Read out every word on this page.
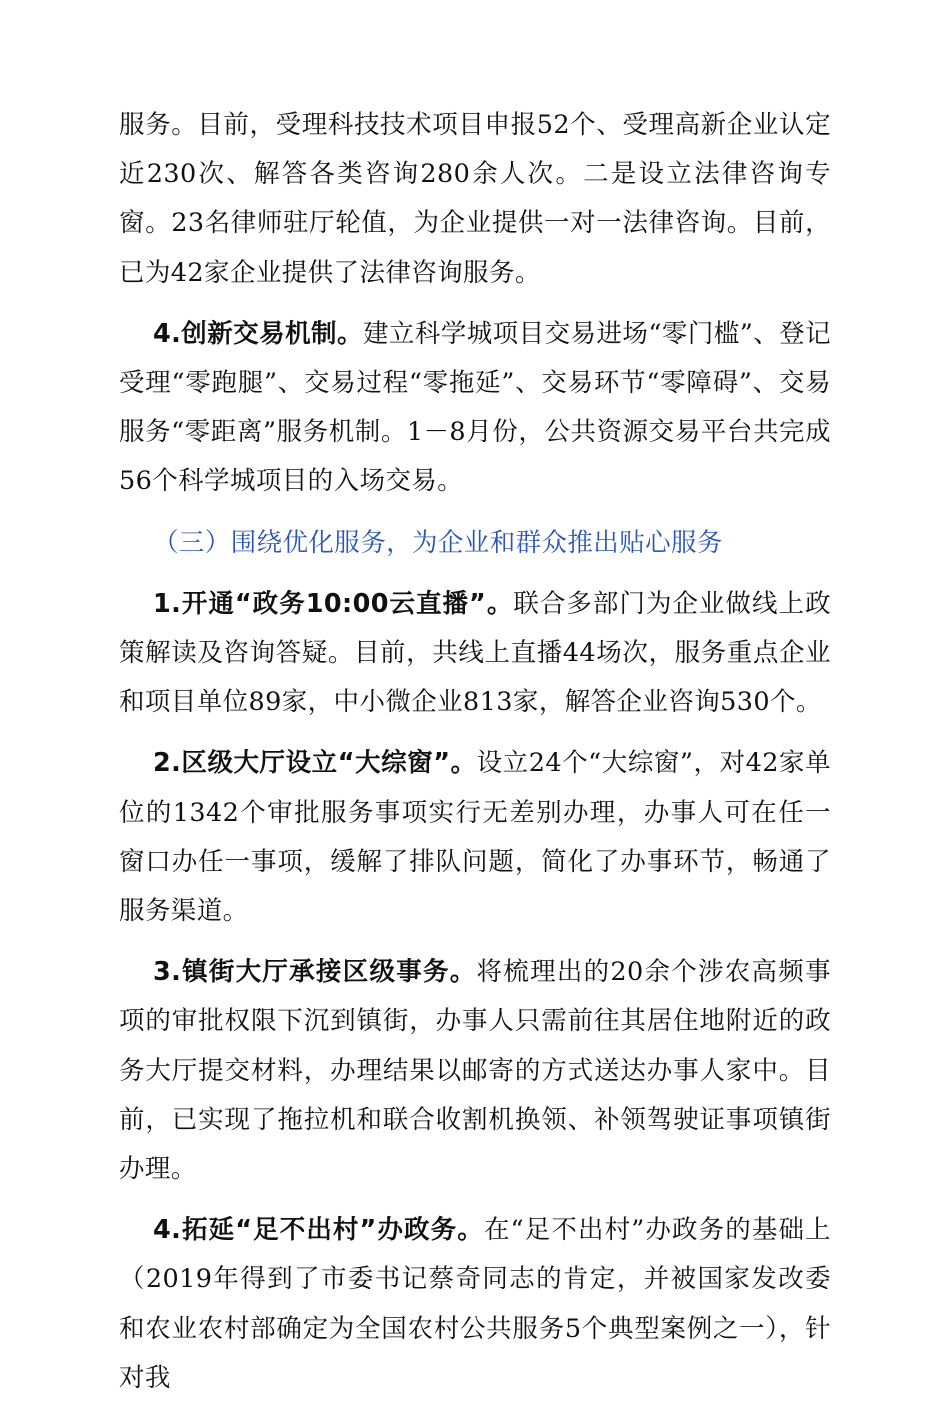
服务。目前，受理科技技术项目申报52个、受理高新企业认定近230次、解答各类咨询280余人次。二是设立法律咨询专窗。23名律师驻厅轮值，为企业提供一对一法律咨询。目前，已为42家企业提供了法律咨询服务。

4.创新交易机制。建立科学城项目交易进场“零门槛”、登记受理“零跑腿”、交易过程“零拖延”、交易环节“零障碍”、交易服务“零距离”服务机制。1－8月份，公共资源交易平台共完成56个科学城项目的入场交易。

（三）围绕优化服务，为企业和群众推出贴心服务

1.开通“政务10:00云直播”。联合多部门为企业做线上政策解读及咨询答疑。目前，共线上直播44场次，服务重点企业和项目单位89家，中小微企业813家，解答企业咨询530个。

2.区级大厅设立“大综窗”。设立24个“大综窗”，对42家单位的1342个审批服务事项实行无差别办理，办事人可在任一窗口办任一事项，缓解了排队问题，简化了办事环节，畅通了服务渠道。

3.镇街大厅承接区级事务。将梳理出的20余个涉农高频事项的审批权限下沉到镇街，办事人只需前往其居住地附近的政务大厅提交材料，办理结果以邮寄的方式送达办事人家中。目前，已实现了拖拉机和联合收割机换领、补领驾驶证事项镇街办理。

4.拓延“足不出村”办政务。在“足不出村”办政务的基础上（2019年得到了市委书记蔡奇同志的肯定，并被国家发改委和农业农村部确定为全国农村公共服务5个典型案例之一），针对我
